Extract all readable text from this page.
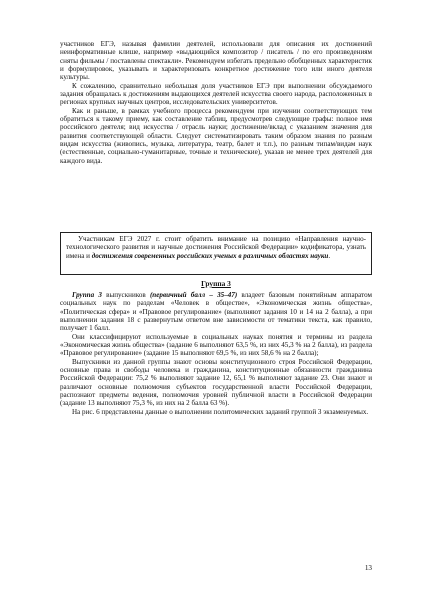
участников ЕГЭ, называя фамилии деятелей, использовали для описания их достижений неинформативные клише, например «выдающийся композитор / писатель / по его произведениям сняты фильмы / поставлены спектакли». Рекомендуем избегать предельно обобщенных характеристик и формулировок, указывать и характеризовать конкретное достижение того или иного деятеля культуры.

К сожалению, сравнительно небольшая доля участников ЕГЭ при выполнении обсуждаемого задания обращалась к достижениям выдающихся деятелей искусства своего народа, расположенных в регионах крупных научных центров, исследовательских университетов.

Как и раньше, в рамках учебного процесса рекомендуем при изучении соответствующих тем обратиться к такому приему, как составление таблиц, предусмотрев следующие графы: полное имя российского деятеля; вид искусства / отрасль науки; достижение/вклад с указанием значения для развития соответствующей области. Следует систематизировать таким образом знания по разным видам искусства (живопись, музыка, литература, театр, балет и т.п.), по разным типам/видам наук (естественные, социально-гуманитарные, точные и технические), указав не менее трех деятелей для каждого вида.

Участникам ЕГЭ 2027 г. стоит обратить внимание на позицию «Направления научно-технологического развития и научные достижения Российской Федерации» кодификатора, узнать имена и достижения современных российских ученых в различных областях науки.

Группа 3

Группа 3 выпускников (первичный балл – 35–47) владеет базовым понятийным аппаратом социальных наук по разделам «Человек в обществе», «Экономическая жизнь общества», «Политическая сфера» и «Правовое регулирование» (выполняют задания 10 и 14 на 2 балла), а при выполнении задания 18 с развернутым ответом вне зависимости от тематики текста, как правило, получает 1 балл.

Они классифицируют используемые в социальных науках понятия и термины из раздела «Экономическая жизнь общества» (задание 6 выполняют 63,5 %, из них 45,3 % на 2 балла), из раздела «Правовое регулирование» (задание 15 выполняют 69,5 %, из них 58,6 % на 2 балла);

Выпускники из данной группы знают основы конституционного строя Российской Федерации, основные права и свободы человека и гражданина, конституционные обязанности гражданина Российской Федерации: 75,2 % выполняют задание 12, 65,1 % выполняют задание 23. Они знают и различают основные полномочия субъектов государственной власти Российской Федерации, распознают предметы ведения, полномочия уровней публичной власти в Российской Федерации (задание 13 выполняют 75,3 %, из них на 2 балла 63 %).

На рис. 6 представлены данные о выполнении политомических заданий группой 3 экзаменуемых.

13
